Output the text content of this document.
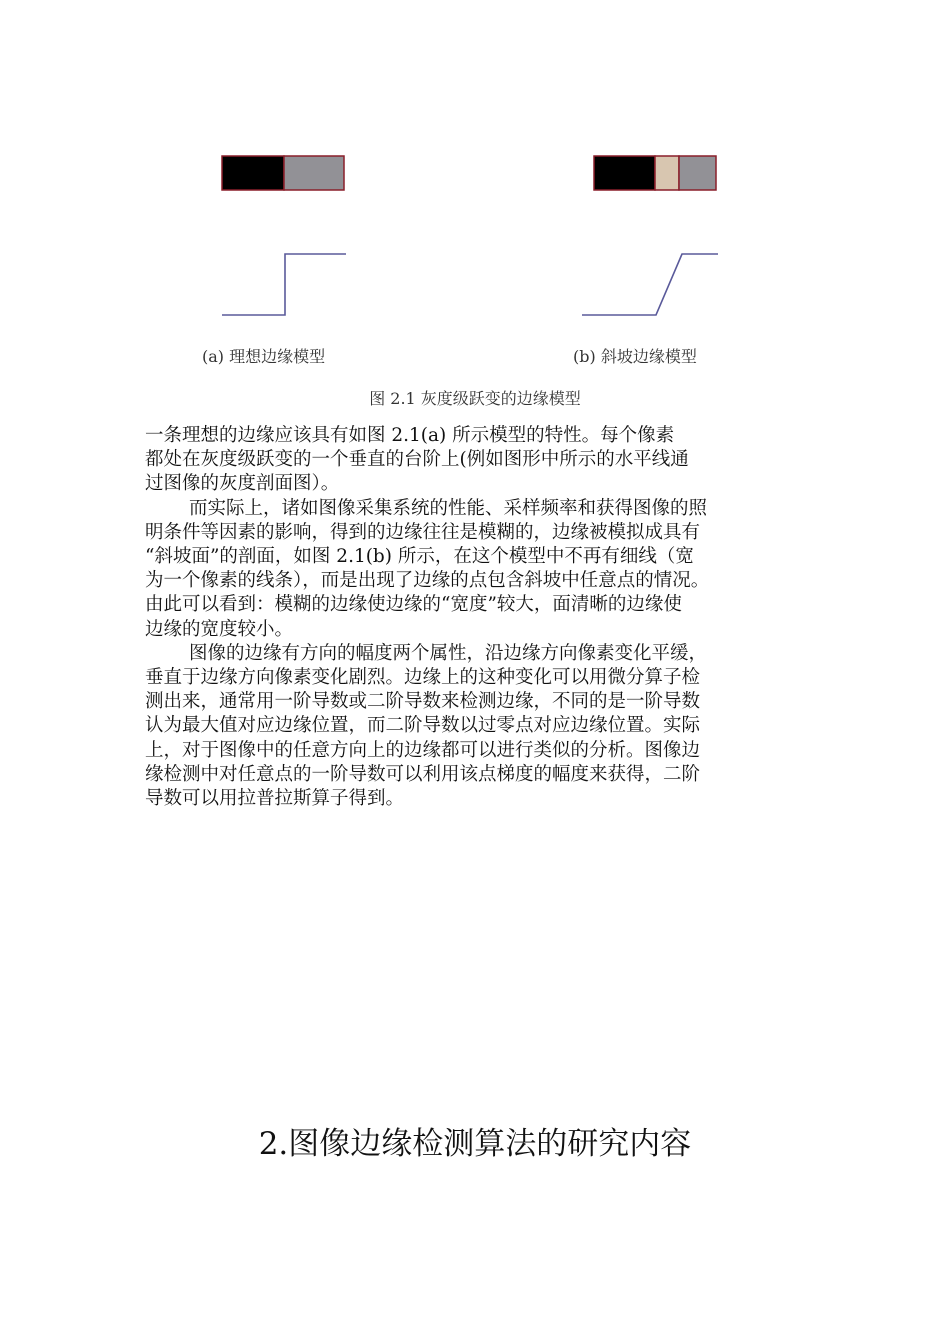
(a) 理想边缘模型	(b) 斜坡边缘模型
图 2.1 灰度级跃变的边缘模型
一条理想的边缘应该具有如图 2.1(a) 所示模型的特性。每个像素
都处在灰度级跃变的一个垂直的台阶上(例如图形中所示的水平线通
过图像的灰度剖面图）。
而实际上，诸如图像采集系统的性能、采样频率和获得图像的照
明条件等因素的影响，得到的边缘往往是模糊的，边缘被模拟成具有
“斜坡面”的剖面，如图 2.1(b) 所示，在这个模型中不再有细线（宽
为一个像素的线条），而是出现了边缘的点包含斜坡中任意点的情况。
由此可以看到：模糊的边缘使边缘的“宽度”较大，面清晰的边缘使
边缘的宽度较小。
图像的边缘有方向的幅度两个属性，沿边缘方向像素变化平缓，
垂直于边缘方向像素变化剧烈。边缘上的这种变化可以用微分算子检
测出来，通常用一阶导数或二阶导数来检测边缘，不同的是一阶导数
认为最大值对应边缘位置，而二阶导数以过零点对应边缘位置。实际
上，对于图像中的任意方向上的边缘都可以进行类似的分析。图像边
缘检测中对任意点的一阶导数可以利用该点梯度的幅度来获得，二阶
导数可以用拉普拉斯算子得到。
2.图像边缘检测算法的研究内容
